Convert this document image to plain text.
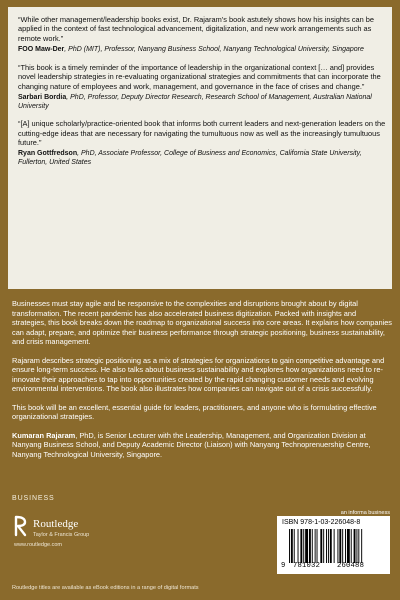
“While other management/leadership books exist, Dr. Rajaram’s book astutely shows how his insights can be applied in the context of fast technological advancement, digitalization, and new work arrangements such as remote work.”

FOO Maw-Der, PhD (MIT), Professor, Nanyang Business School, Nanyang Technological University, Singapore

“This book is a timely reminder of the importance of leadership in the organizational context [… and] provides novel leadership strategies in re-evaluating organizational strategies and commitments that can incorporate the changing nature of employees and work, management, and governance in the face of crises and change.”

Sarbari Bordia, PhD, Professor, Deputy Director Research, Research School of Management, Australian National University

“[A] unique scholarly/practice-oriented book that informs both current leaders and next-generation leaders on the cutting-edge ideas that are necessary for navigating the tumultuous now as well as the increasingly tumultuous future.”

Ryan Gottfredson, PhD, Associate Professor, College of Business and Economics, California State University, Fullerton, United States

Businesses must stay agile and be responsive to the complexities and disruptions brought about by digital transformation. The recent pandemic has also accelerated business digitization. Packed with insights and strategies, this book breaks down the roadmap to organizational success into core areas. It explains how companies can adapt, prepare, and optimize their business performance through strategic positioning, business sustainability, and crisis management.

Rajaram describes strategic positioning as a mix of strategies for organizations to gain competitive advantage and ensure long-term success. He also talks about business sustainability and explores how organizations need to re-innovate their approaches to tap into opportunities created by the rapid changing customer needs and evolving environmental interventions. The book also illustrates how companies can navigate out of a crisis successfully.

This book will be an excellent, essential guide for leaders, practitioners, and anyone who is formulating effective organizational strategies.

Kumaran Rajaram, PhD, is Senior Lecturer with the Leadership, Management, and Organization Division at Nanyang Business School, and Deputy Academic Director (Liaison) with Nanyang Technoprenuership Centre, Nanyang Technological University, Singapore.

BUSINESS
Routledge
Taylor & Francis Group
www.routledge.com
an informa business
ISBN 978-1-03-226048-8
9 781032 260488
Routledge titles are available as eBook editions in a range of digital formats
